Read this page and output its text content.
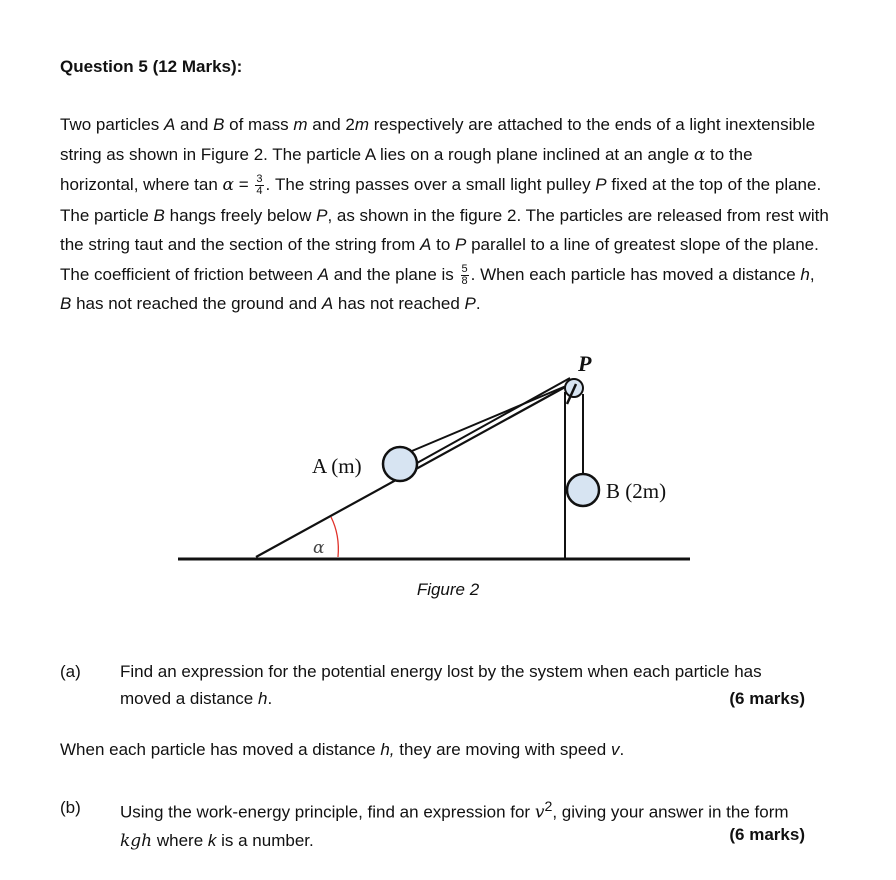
Question 5 (12 Marks):
Two particles A and B of mass m and 2m respectively are attached to the ends of a light inextensible string as shown in Figure 2. The particle A lies on a rough plane inclined at an angle α to the horizontal, where $\tan \alpha = \frac{3}{4}$ . The string passes over a small light pulley P fixed at the top of the plane. The particle B hangs freely below P, as shown in the figure 2. The particles are released from rest with the string taut and the section of the string from A to P parallel to a line of greatest slope of the plane. The coefficient of friction between A and the plane is $\frac{5}{8}$ . When each particle has moved a distance h, B has not reached the ground and A has not reached P.
P
A (m)
B (2m)
α
Figure 2
(a) Find an expression for the potential energy lost by the system when each particle has moved a distance h.	(6 marks)
When each particle has moved a distance h, they are moving with speed v.
(b) Using the work-energy principle, find an expression for $v^2$, giving your answer in the form kgh where k is a number.	(6 marks)
